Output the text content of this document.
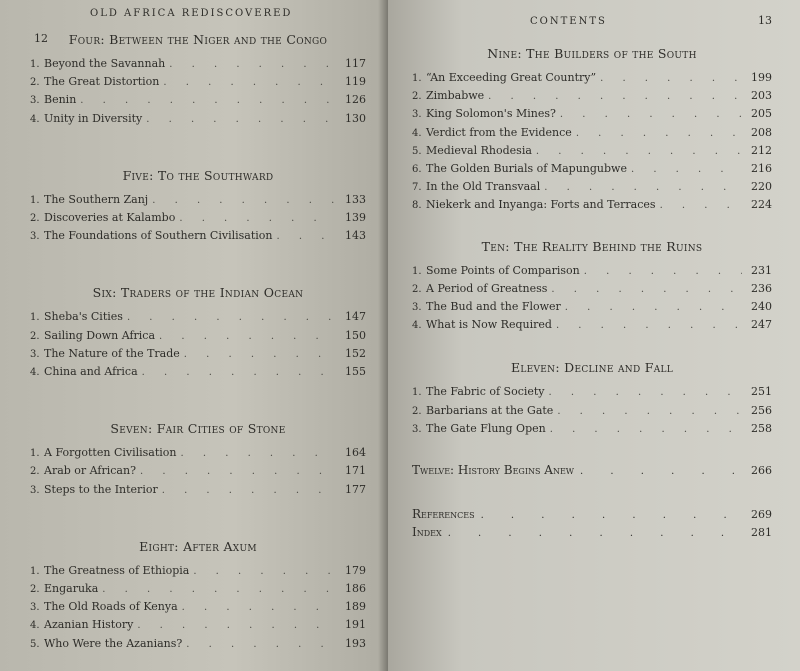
OLD AFRICA REDISCOVERED
12	Four: Between the Niger and the Congo
1. Beyond the Savannah . . .	117
2. The Great Distortion . . .	119
3. Benin . . .	126
4. Unity in Diversity . . .	130
Five: To the Southward
1. The Southern Zanj . . .	133
2. Discoveries at Kalambo . . .	139
3. The Foundations of Southern Civilisation . . .	143
Six: Traders of the Indian Ocean
1. Sheba's Cities . . .	147
2. Sailing Down Africa . . .	150
3. The Nature of the Trade . . .	152
4. China and Africa . . .	155
Seven: Fair Cities of Stone
1. A Forgotten Civilisation . . .	164
2. Arab or African? . . .	171
3. Steps to the Interior . . .	177
Eight: After Axum
1. The Greatness of Ethiopia . . .	179
2. Engaruka . . .	186
3. The Old Roads of Kenya . . .	189
4. Azanian History . . .	191
5. Who Were the Azanians? . . .	193
CONTENTS	13
Nine: The Builders of the South
1. “An Exceeding Great Country” . . .	199
2. Zimbabwe . . .	203
3. King Solomon's Mines? . . .	205
4. Verdict from the Evidence . . .	208
5. Medieval Rhodesia . . .	212
6. The Golden Burials of Mapungubwe . . .	216
7. In the Old Transvaal . . .	220
8. Niekerk and Inyanga: Forts and Terraces . . .	224
Ten: The Reality Behind the Ruins
1. Some Points of Comparison . . .	231
2. A Period of Greatness . . .	236
3. The Bud and the Flower . . .	240
4. What is Now Required . . .	247
Eleven: Decline and Fall
1. The Fabric of Society . . .	251
2. Barbarians at the Gate . . .	256
3. The Gate Flung Open . . .	258
Twelve: History Begins Anew . . .	266
References . . .	269
Index . . .	281
